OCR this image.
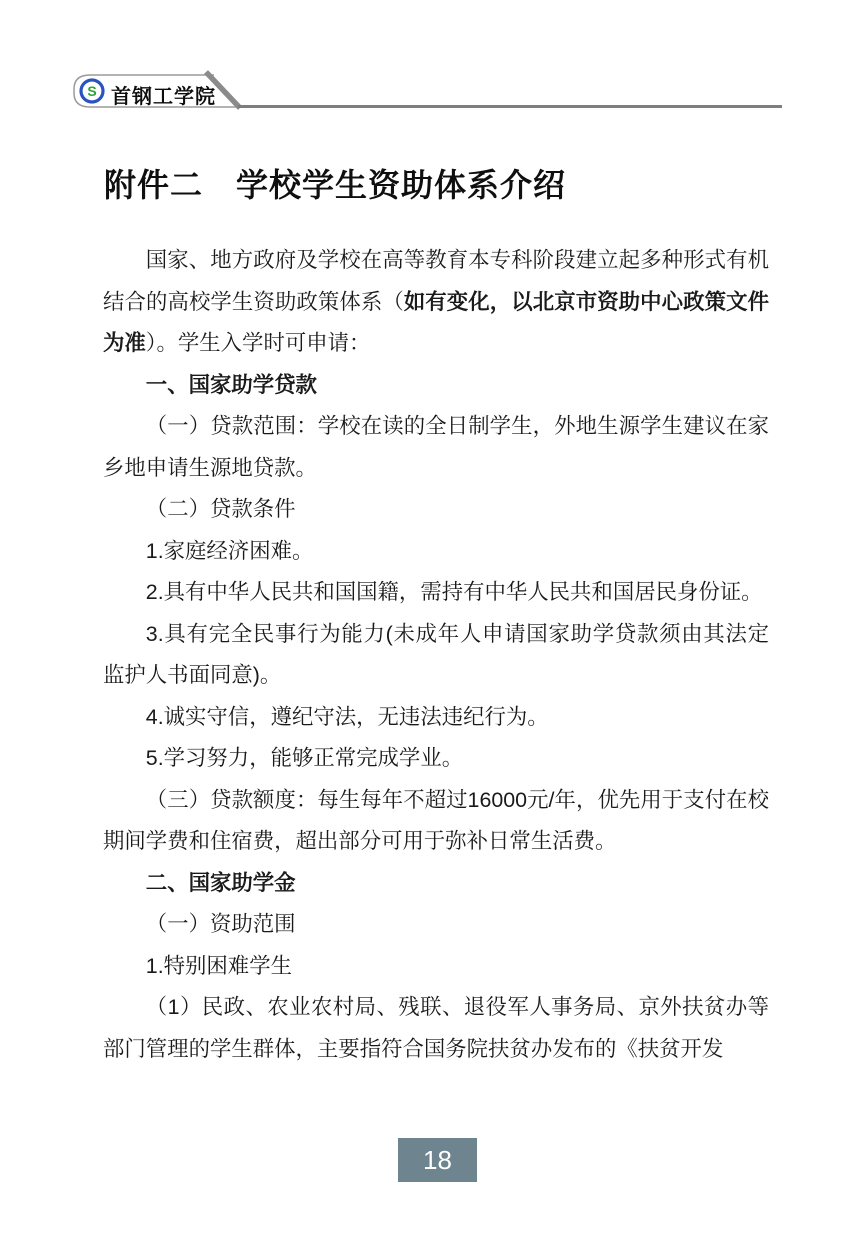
S 首钢工学院
附件二　学校学生资助体系介绍

国家、地方政府及学校在高等教育本专科阶段建立起多种形式有机结合的高校学生资助政策体系（如有变化，以北京市资助中心政策文件为准）。学生入学时可申请：

一、国家助学贷款

（一）贷款范围：学校在读的全日制学生，外地生源学生建议在家乡地申请生源地贷款。

（二）贷款条件

1.家庭经济困难。

2.具有中华人民共和国国籍，需持有中华人民共和国居民身份证。

3.具有完全民事行为能力(未成年人申请国家助学贷款须由其法定监护人书面同意)。

4.诚实守信，遵纪守法，无违法违纪行为。

5.学习努力，能够正常完成学业。

（三）贷款额度：每生每年不超过16000元/年，优先用于支付在校期间学费和住宿费，超出部分可用于弥补日常生活费。

二、国家助学金

（一）资助范围

1.特别困难学生

（1）民政、农业农村局、残联、退役军人事务局、京外扶贫办等部门管理的学生群体，主要指符合国务院扶贫办发布的《扶贫开发

18
